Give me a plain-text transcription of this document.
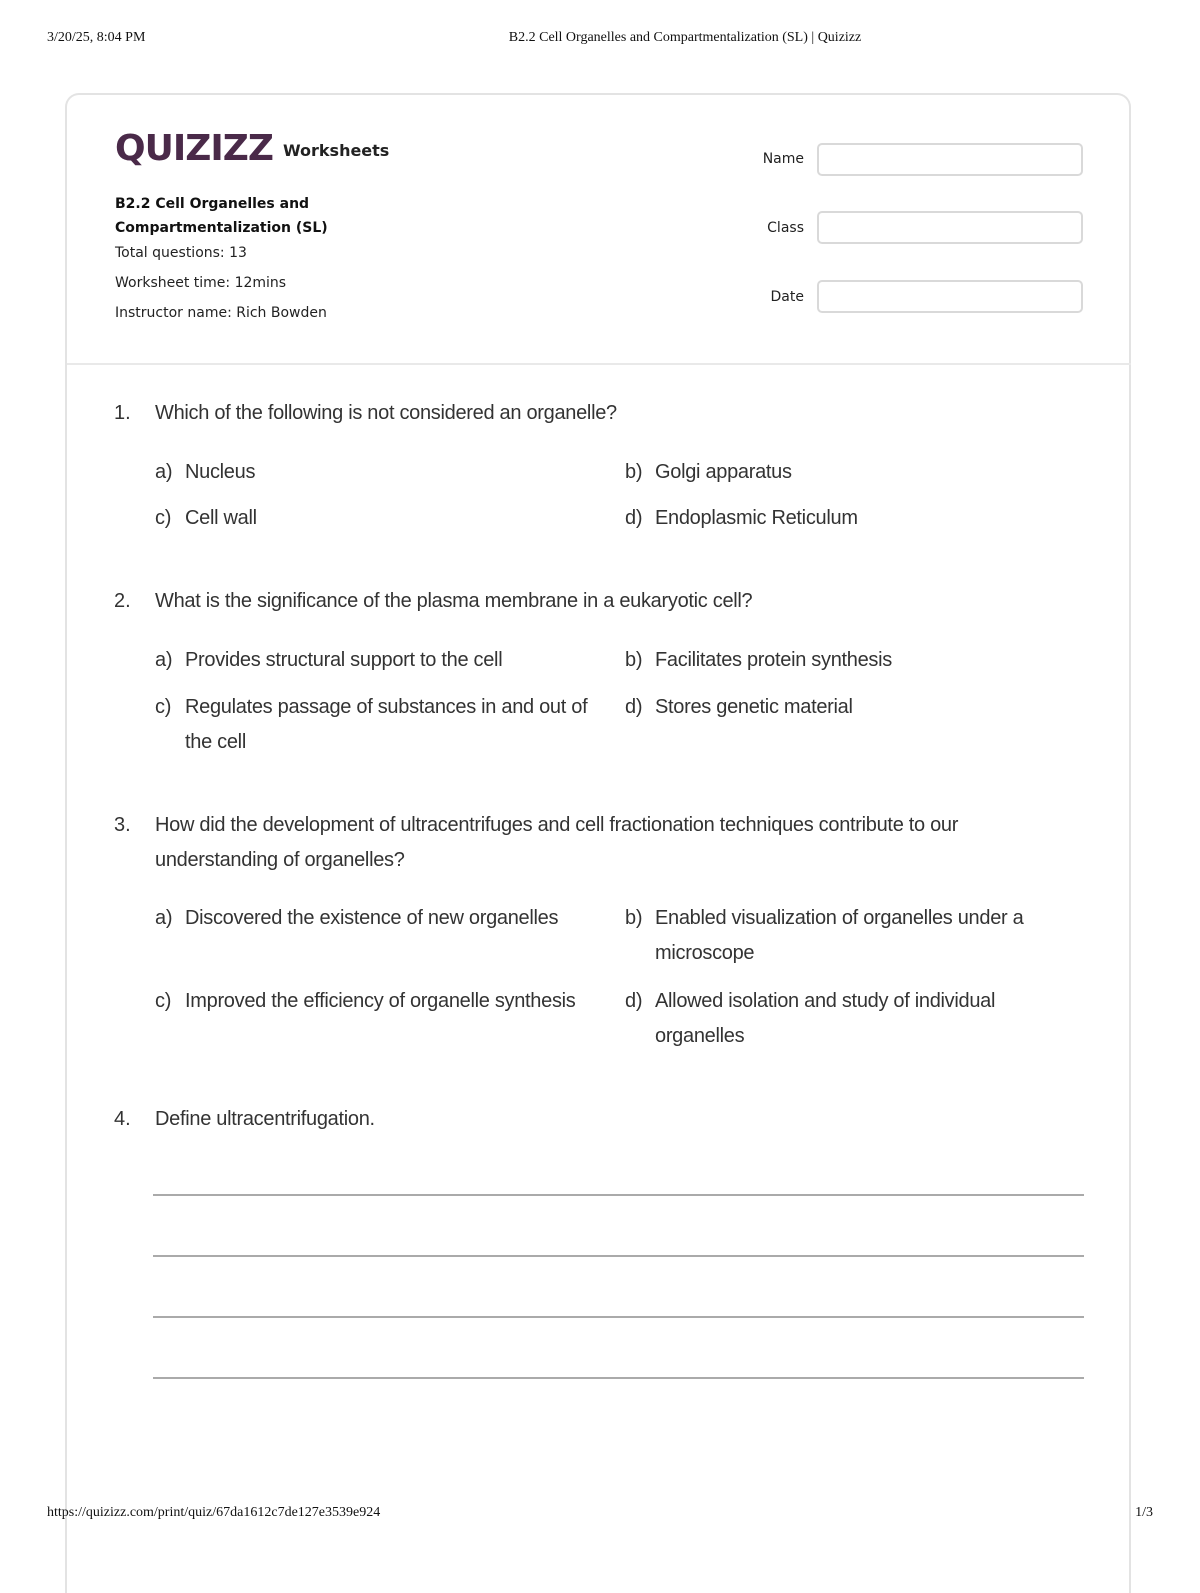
3/20/25, 8:04 PM	B2.2 Cell Organelles and Compartmentalization (SL) | Quizizz
QUIZIZZ Worksheets
B2.2 Cell Organelles and Compartmentalization (SL)
Total questions: 13
Worksheet time: 12mins
Instructor name: Rich Bowden
Name
Class
Date
1. Which of the following is not considered an organelle?
a) Nucleus	b) Golgi apparatus
c) Cell wall	d) Endoplasmic Reticulum
2. What is the significance of the plasma membrane in a eukaryotic cell?
a) Provides structural support to the cell	b) Facilitates protein synthesis
c) Regulates passage of substances in and out of the cell
d) Stores genetic material
3. How did the development of ultracentrifuges and cell fractionation techniques contribute to our understanding of organelles?
a) Discovered the existence of new organelles	b) Enabled visualization of organelles under a microscope
c) Improved the efficiency of organelle synthesis	d) Allowed isolation and study of individual organelles
4. Define ultracentrifugation.
https://quizizz.com/print/quiz/67da1612c7de127e3539e924	1/3
